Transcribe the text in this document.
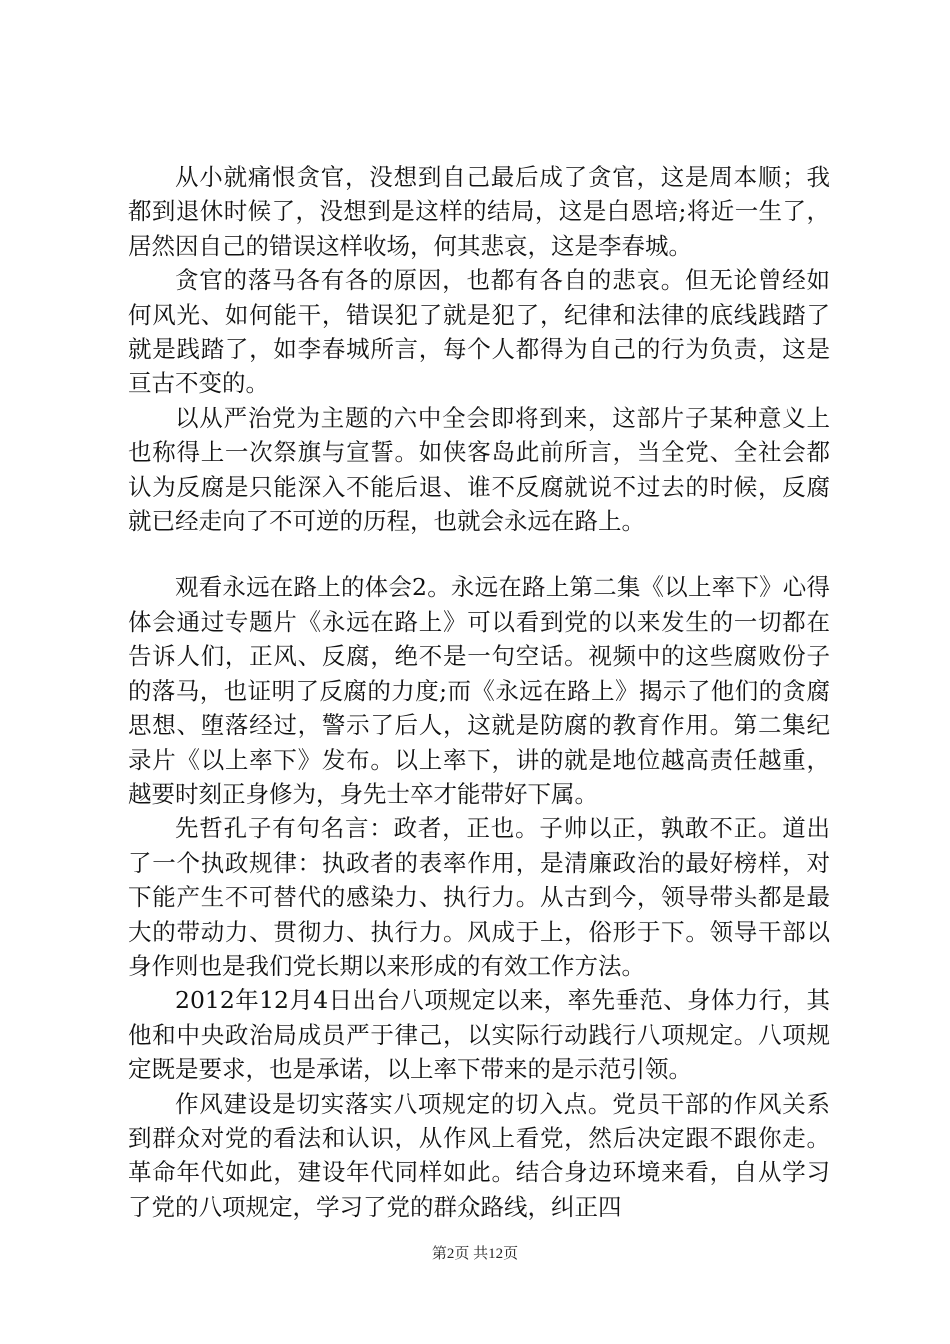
从小就痛恨贪官，没想到自己最后成了贪官，这是周本顺；我都到退休时候了，没想到是这样的结局，这是白恩培;将近一生了，居然因自己的错误这样收场，何其悲哀，这是李春城。

贪官的落马各有各的原因，也都有各自的悲哀。但无论曾经如何风光、如何能干，错误犯了就是犯了，纪律和法律的底线践踏了就是践踏了，如李春城所言，每个人都得为自己的行为负责，这是亘古不变的。

以从严治党为主题的六中全会即将到来，这部片子某种意义上也称得上一次祭旗与宣誓。如侠客岛此前所言，当全党、全社会都认为反腐是只能深入不能后退、谁不反腐就说不过去的时候，反腐就已经走向了不可逆的历程，也就会永远在路上。

观看永远在路上的体会2。永远在路上第二集《以上率下》心得体会通过专题片《永远在路上》可以看到党的以来发生的一切都在告诉人们，正风、反腐，绝不是一句空话。视频中的这些腐败份子的落马，也证明了反腐的力度;而《永远在路上》揭示了他们的贪腐思想、堕落经过，警示了后人，这就是防腐的教育作用。第二集纪录片《以上率下》发布。以上率下，讲的就是地位越高责任越重，越要时刻正身修为，身先士卒才能带好下属。

先哲孔子有句名言：政者，正也。子帅以正，孰敢不正。道出了一个执政规律：执政者的表率作用，是清廉政治的最好榜样，对下能产生不可替代的感染力、执行力。从古到今，领导带头都是最大的带动力、贯彻力、执行力。风成于上，俗形于下。领导干部以身作则也是我们党长期以来形成的有效工作方法。

2012年12月4日出台八项规定以来，率先垂范、身体力行，其他和中央政治局成员严于律己，以实际行动践行八项规定。八项规定既是要求，也是承诺，以上率下带来的是示范引领。

作风建设是切实落实八项规定的切入点。党员干部的作风关系到群众对党的看法和认识，从作风上看党，然后决定跟不跟你走。革命年代如此，建设年代同样如此。结合身边环境来看，自从学习了党的八项规定，学习了党的群众路线，纠正四

第2页 共12页
